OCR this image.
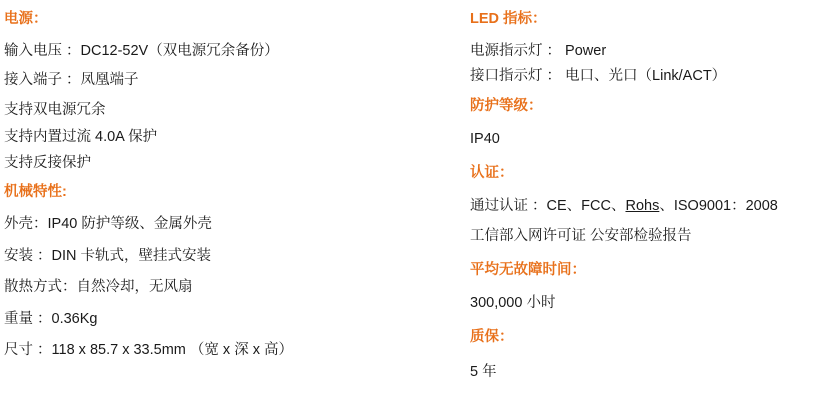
电源：
输入电压 ：DC12-52V（双电源冗余备份）
接入端子 ：凤凰端子
支持双电源冗余
支持内置过流 4.0A 保护
支持反接保护
机械特性:
外壳：IP40 防护等级、金属外壳
安装 ：DIN 卡轨式，壁挂式安装
散热方式：自然冷却，无风扇
重量 ：0.36Kg
尺寸 ：118 x 85.7 x 33.5mm （宽 x 深 x 高）
LED 指标：
电源指示灯 ： Power
接口指示灯 ： 电口、光口（Link/ACT）
防护等级：
IP40
认证：
通过认证 ：CE、FCC、Rohs、ISO9001：2008
工信部入网许可证 公安部检验报告
平均无故障时间：
300,000 小时
质保：
5 年
